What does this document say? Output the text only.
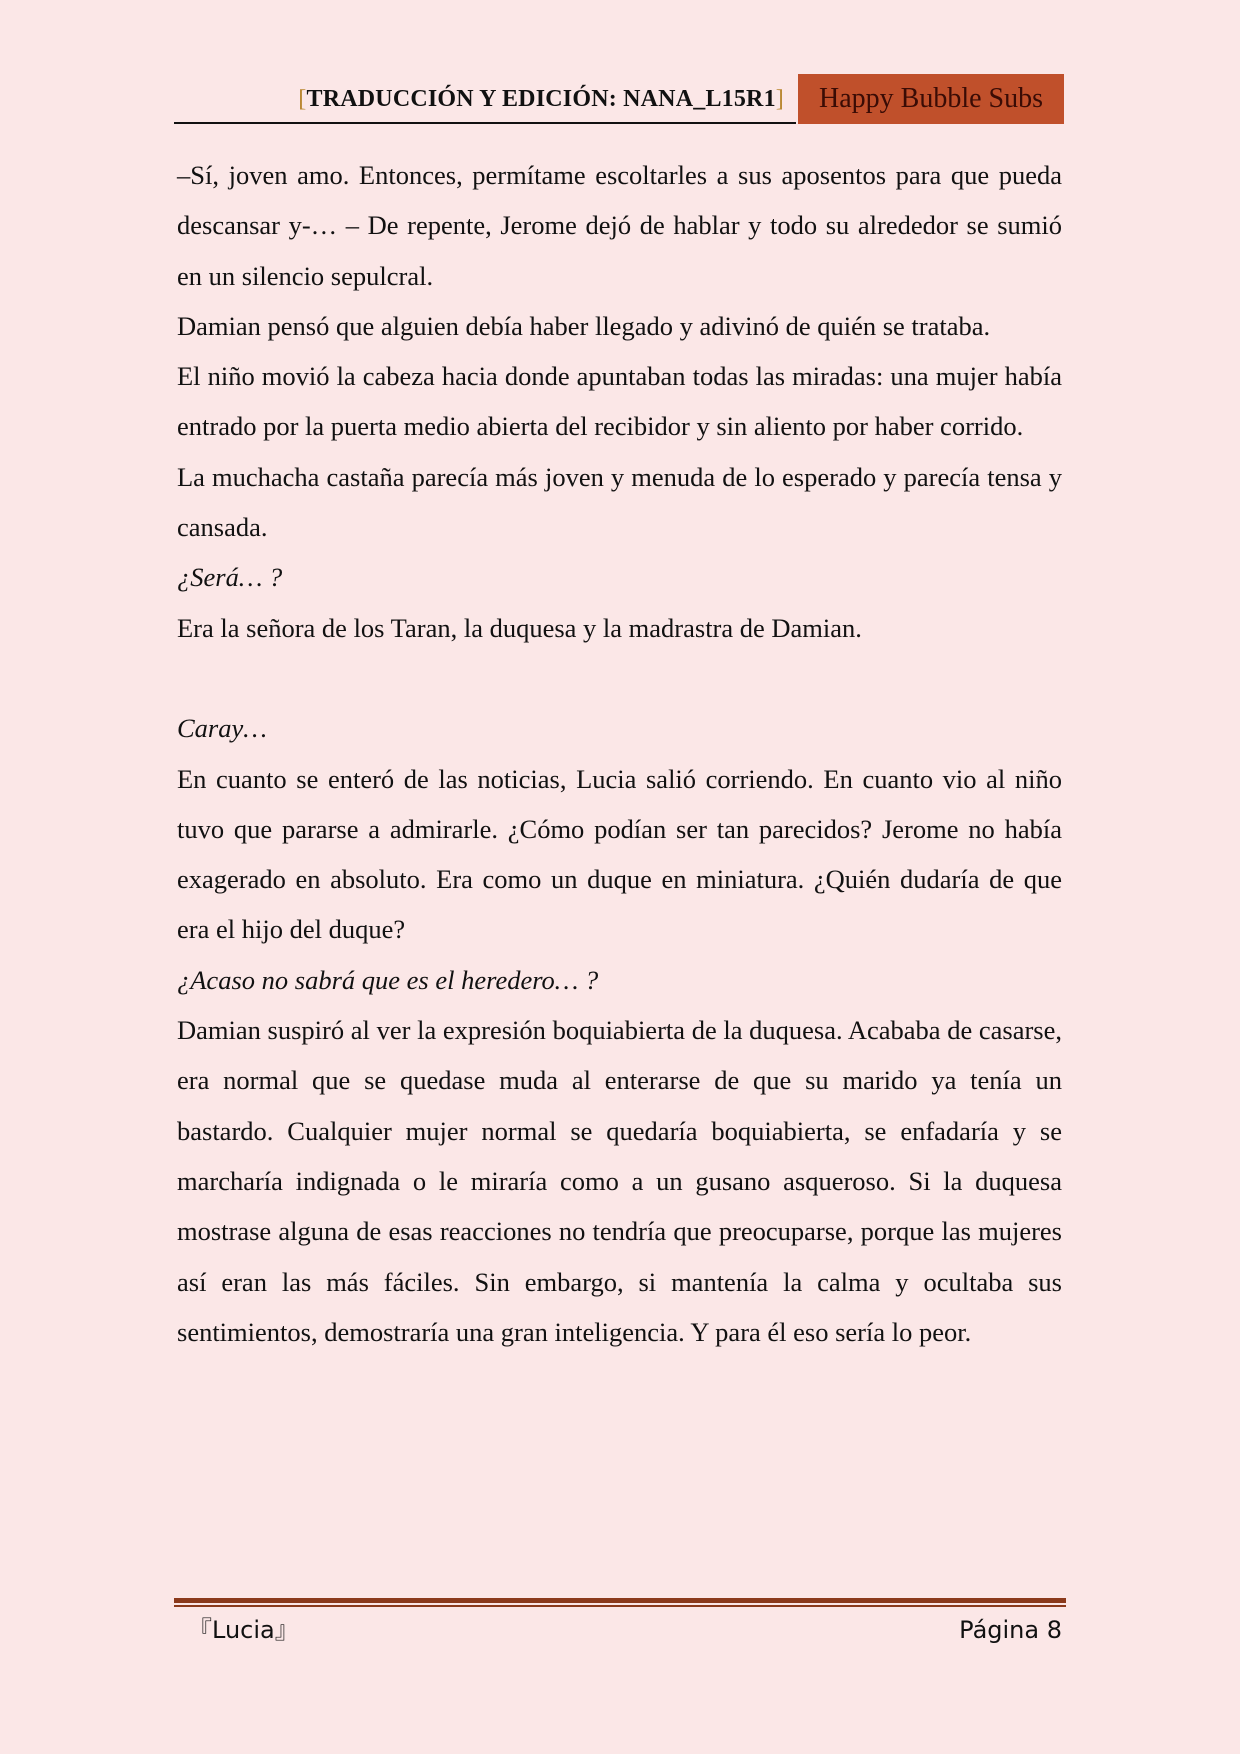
[TRADUCCIÓN Y EDICIÓN: NANA_L15R1]	Happy Bubble Subs

–Sí, joven amo. Entonces, permítame escoltarles a sus aposentos para que pueda descansar y-… – De repente, Jerome dejó de hablar y todo su alrededor se sumió en un silencio sepulcral.

Damian pensó que alguien debía haber llegado y adivinó de quién se trataba.

El niño movió la cabeza hacia donde apuntaban todas las miradas: una mujer había entrado por la puerta medio abierta del recibidor y sin aliento por haber corrido.

La muchacha castaña parecía más joven y menuda de lo esperado y parecía tensa y cansada.

¿Será… ?

Era la señora de los Taran, la duquesa y la madrastra de Damian.

Caray…

En cuanto se enteró de las noticias, Lucia salió corriendo. En cuanto vio al niño tuvo que pararse a admirarle. ¿Cómo podían ser tan parecidos? Jerome no había exagerado en absoluto. Era como un duque en miniatura. ¿Quién dudaría de que era el hijo del duque?

¿Acaso no sabrá que es el heredero… ?

Damian suspiró al ver la expresión boquiabierta de la duquesa. Acababa de casarse, era normal que se quedase muda al enterarse de que su marido ya tenía un bastardo. Cualquier mujer normal se quedaría boquiabierta, se enfadaría y se marcharía indignada o le miraría como a un gusano asqueroso. Si la duquesa mostrase alguna de esas reacciones no tendría que preocuparse, porque las mujeres así eran las más fáciles. Sin embargo, si mantenía la calma y ocultaba sus sentimientos, demostraría una gran inteligencia. Y para él eso sería lo peor.

『Lucia』	Página 8
